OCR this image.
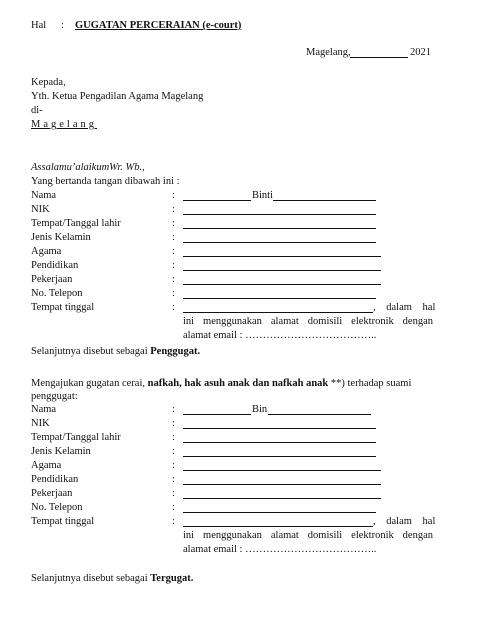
Hal : GUGATAN PERCERAIAN (e-court)
Magelang,	2021
Kepada,
Yth. Ketua Pengadilan Agama Magelang
di-
Magelang
Assalamu’alaikumWr. Wb.,
Yang bertanda tangan dibawah ini :
Nama	:	Binti
NIK	:
Tempat/Tanggal lahir	:
Jenis Kelamin	:
Agama	:
Pendidikan	:
Pekerjaan	:
No. Telepon	:
Tempat tinggal	:	, dalam hal
ini menggunakan alamat domisili elektronik dengan
alamat email : ………………………………..
Selanjutnya disebut sebagai Penggugat.
Mengajukan gugatan cerai, nafkah, hak asuh anak dan nafkah anak **) terhadap suami
penggugat:
Nama	:	Bin
NIK	:
Tempat/Tanggal lahir	:
Jenis Kelamin	:
Agama	:
Pendidikan	:
Pekerjaan	:
No. Telepon	:
Tempat tinggal	:	, dalam hal
ini menggunakan alamat domisili elektronik dengan
alamat email : ………………………………..
Selanjutnya disebut sebagai Tergugat.
